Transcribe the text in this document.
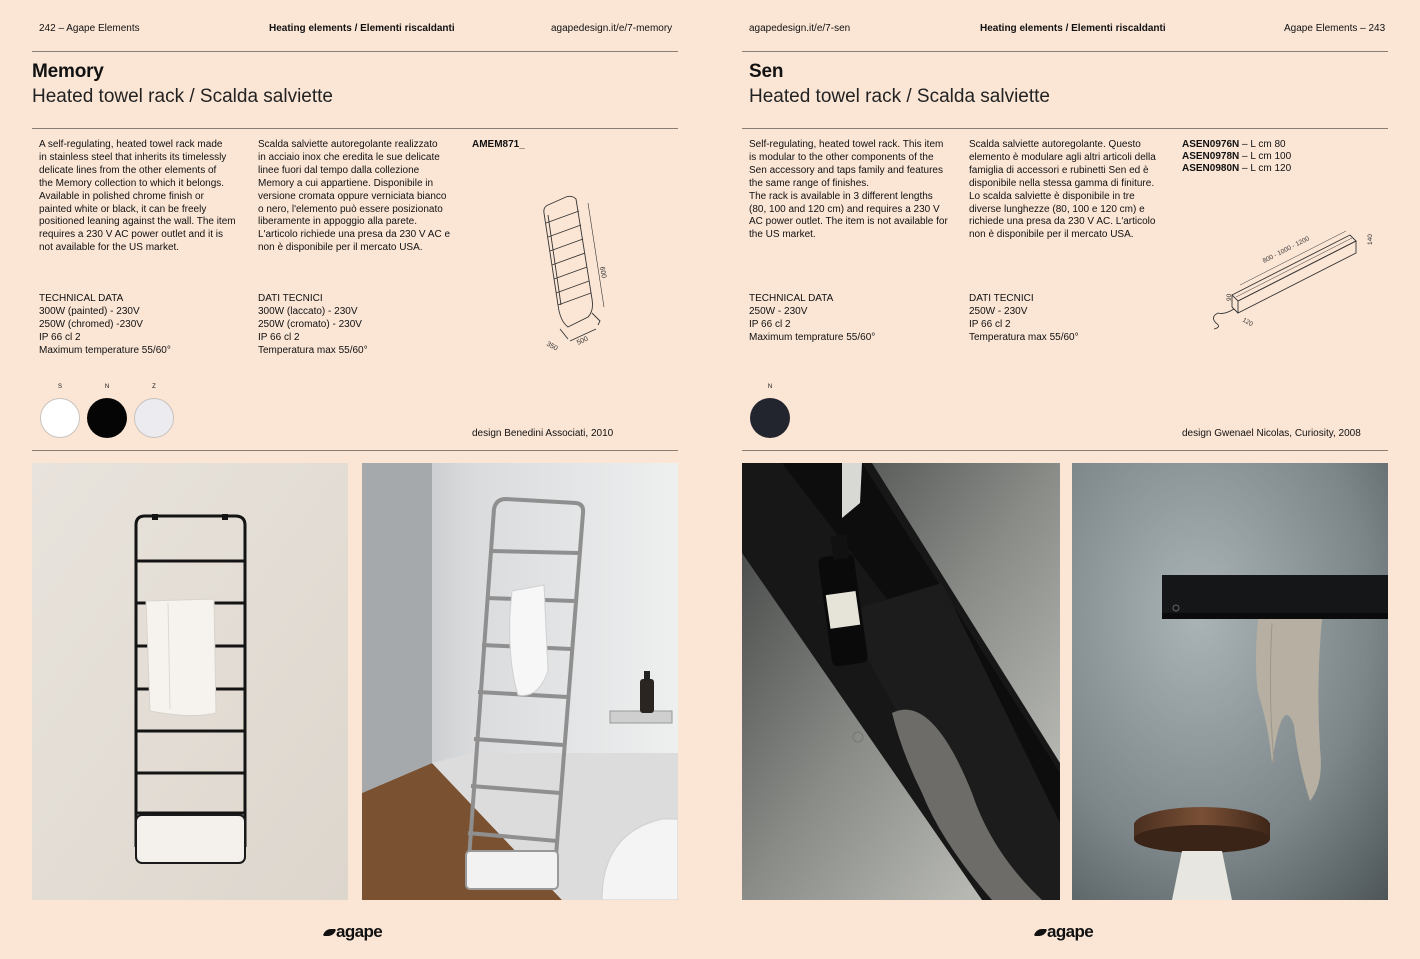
242 – Agape Elements	Heating elements / Elementi riscaldanti	agapedesign.it/e/7-memory
Memory
Heated towel rack / Scalda salviette
A self-regulating, heated towel rack made
in stainless steel that inherits its timelessly
delicate lines from the other elements of
the Memory collection to which it belongs.
Available in polished chrome finish or
painted white or black, it can be freely
positioned leaning against the wall. The item
requires a 230 V AC power outlet and it is
not available for the US market.
Scalda salviette autoregolante realizzato
in acciaio inox che eredita le sue delicate
linee fuori dal tempo dalla collezione
Memory a cui appartiene. Disponibile in
versione cromata oppure verniciata bianco
o nero, l'elemento può essere posizionato
liberamente in appoggio alla parete.
L'articolo richiede una presa da 230 V AC e
non è disponibile per il mercato USA.
AMEM871_
600
350 500
TECHNICAL DATA
300W (painted) - 230V
250W (chromed) -230V
IP 66 cl 2
Maximum temperature 55/60°
DATI TECNICI
300W (laccato) - 230V
250W (cromato) - 230V
IP 66 cl 2
Temperatura max 55/60°
S	N	Z
design Benedini Associati, 2010
agape
agapedesign.it/e/7-sen	Heating elements / Elementi riscaldanti	Agape Elements – 243
Sen
Heated towel rack / Scalda salviette
Self-regulating, heated towel rack. This item
is modular to the other components of the
Sen accessory and taps family and features
the same range of finishes.
The rack is available in 3 different lengths
(80, 100 and 120 cm) and requires a 230 V
AC power outlet. The item is not available for
the US market.
Scalda salviette autoregolante. Questo
elemento è modulare agli altri articoli della
famiglia di accessori e rubinetti Sen ed è
disponibile nella stessa gamma di finiture.
Lo scalda salviette è disponibile in tre
diverse lunghezze (80, 100 e 120 cm) e
richiede una presa da 230 V AC. L'articolo
non è disponibile per il mercato USA.
ASEN0976N – L cm 80
ASEN0978N – L cm 100
ASEN0980N – L cm 120
800 - 1000 - 1200	140
90
120
TECHNICAL DATA
250W - 230V
IP 66 cl 2
Maximum temprature 55/60°
DATI TECNICI
250W - 230V
IP 66 cl 2
Temperatura max 55/60°
N
design Gwenael Nicolas, Curiosity, 2008
agape
